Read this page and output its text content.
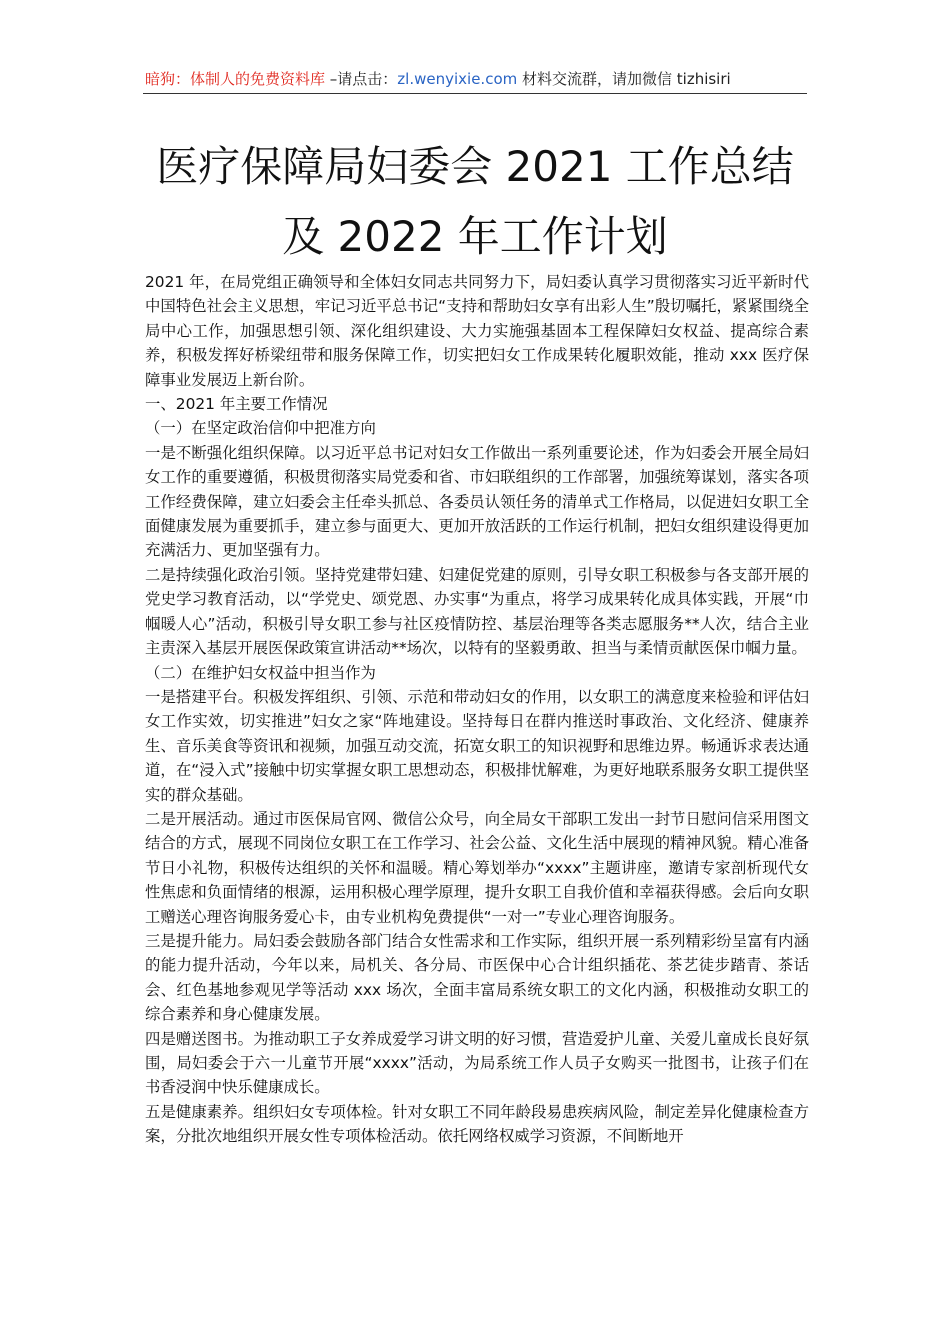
暗狗：体制人的免费资料库 –请点击：zl.wenyixie.com 材料交流群，请加微信 tizhisiri
医疗保障局妇委会 2021 工作总结
及 2022 年工作计划

2021 年，在局党组正确领导和全体妇女同志共同努力下，局妇委认真学习贯彻落实习近平新时代中国特色社会主义思想，牢记习近平总书记“支持和帮助妇女享有出彩人生”殷切嘱托，紧紧围绕全局中心工作，加强思想引领、深化组织建设、大力实施强基固本工程保障妇女权益、提高综合素养，积极发挥好桥梁纽带和服务保障工作，切实把妇女工作成果转化履职效能，推动 xxx 医疗保障事业发展迈上新台阶。

一、2021 年主要工作情况

（一）在坚定政治信仰中把准方向

一是不断强化组织保障。以习近平总书记对妇女工作做出一系列重要论述，作为妇委会开展全局妇女工作的重要遵循，积极贯彻落实局党委和省、市妇联组织的工作部署，加强统筹谋划，落实各项工作经费保障，建立妇委会主任牵头抓总、各委员认领任务的清单式工作格局，以促进妇女职工全面健康发展为重要抓手，建立参与面更大、更加开放活跃的工作运行机制，把妇女组织建设得更加充满活力、更加坚强有力。

二是持续强化政治引领。坚持党建带妇建、妇建促党建的原则，引导女职工积极参与各支部开展的党史学习教育活动，以“学党史、颂党恩、办实事“为重点，将学习成果转化成具体实践，开展“巾帼暖人心”活动，积极引导女职工参与社区疫情防控、基层治理等各类志愿服务**人次，结合主业主责深入基层开展医保政策宣讲活动**场次，以特有的坚毅勇敢、担当与柔情贡献医保巾帼力量。

（二）在维护妇女权益中担当作为

一是搭建平台。积极发挥组织、引领、示范和带动妇女的作用，以女职工的满意度来检验和评估妇女工作实效，切实推进”妇女之家“阵地建设。坚持每日在群内推送时事政治、文化经济、健康养生、音乐美食等资讯和视频，加强互动交流，拓宽女职工的知识视野和思维边界。畅通诉求表达通道，在“浸入式”接触中切实掌握女职工思想动态，积极排忧解难，为更好地联系服务女职工提供坚实的群众基础。

二是开展活动。通过市医保局官网、微信公众号，向全局女干部职工发出一封节日慰问信采用图文结合的方式，展现不同岗位女职工在工作学习、社会公益、文化生活中展现的精神风貌。精心准备节日小礼物，积极传达组织的关怀和温暖。精心筹划举办“xxxx”主题讲座，邀请专家剖析现代女性焦虑和负面情绪的根源，运用积极心理学原理，提升女职工自我价值和幸福获得感。会后向女职工赠送心理咨询服务爱心卡，由专业机构免费提供“一对一”专业心理咨询服务。

三是提升能力。局妇委会鼓励各部门结合女性需求和工作实际，组织开展一系列精彩纷呈富有内涵的能力提升活动，今年以来，局机关、各分局、市医保中心合计组织插花、茶艺徒步踏青、茶话会、红色基地参观见学等活动 xxx 场次，全面丰富局系统女职工的文化内涵，积极推动女职工的综合素养和身心健康发展。

四是赠送图书。为推动职工子女养成爱学习讲文明的好习惯，营造爱护儿童、关爱儿童成长良好氛围，局妇委会于六一儿童节开展“xxxx”活动，为局系统工作人员子女购买一批图书，让孩子们在书香浸润中快乐健康成长。

五是健康素养。组织妇女专项体检。针对女职工不同年龄段易患疾病风险，制定差异化健康检查方案，分批次地组织开展女性专项体检活动。依托网络权威学习资源，不间断地开
